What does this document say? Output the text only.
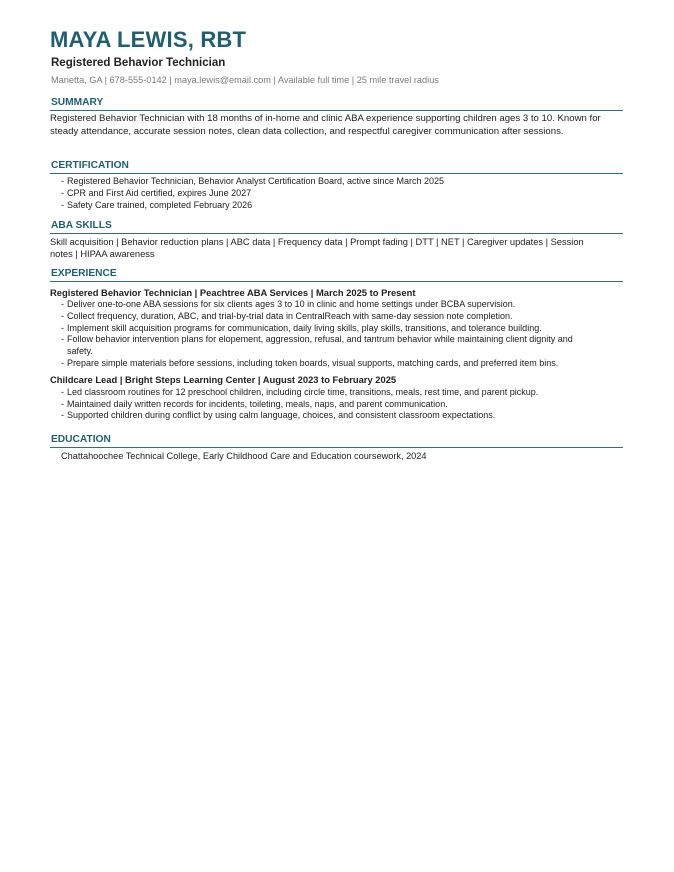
MAYA LEWIS, RBT
Registered Behavior Technician
Marietta, GA | 678-555-0142 | maya.lewis@email.com | Available full time | 25 mile travel radius
SUMMARY
Registered Behavior Technician with 18 months of in-home and clinic ABA experience supporting children ages 3 to 10. Known for steady attendance, accurate session notes, clean data collection, and respectful caregiver communication after sessions.
CERTIFICATION
- Registered Behavior Technician, Behavior Analyst Certification Board, active since March 2025
- CPR and First Aid certified, expires June 2027
- Safety Care trained, completed February 2026
ABA SKILLS
Skill acquisition | Behavior reduction plans | ABC data | Frequency data | Prompt fading | DTT | NET | Caregiver updates | Session notes | HIPAA awareness
EXPERIENCE
Registered Behavior Technician | Peachtree ABA Services | March 2025 to Present
- Deliver one-to-one ABA sessions for six clients ages 3 to 10 in clinic and home settings under BCBA supervision.
- Collect frequency, duration, ABC, and trial-by-trial data in CentralReach with same-day session note completion.
- Implement skill acquisition programs for communication, daily living skills, play skills, transitions, and tolerance building.
- Follow behavior intervention plans for elopement, aggression, refusal, and tantrum behavior while maintaining client dignity and safety.
- Prepare simple materials before sessions, including token boards, visual supports, matching cards, and preferred item bins.
Childcare Lead | Bright Steps Learning Center | August 2023 to February 2025
- Led classroom routines for 12 preschool children, including circle time, transitions, meals, rest time, and parent pickup.
- Maintained daily written records for incidents, toileting, meals, naps, and parent communication.
- Supported children during conflict by using calm language, choices, and consistent classroom expectations.
EDUCATION
Chattahoochee Technical College, Early Childhood Care and Education coursework, 2024
